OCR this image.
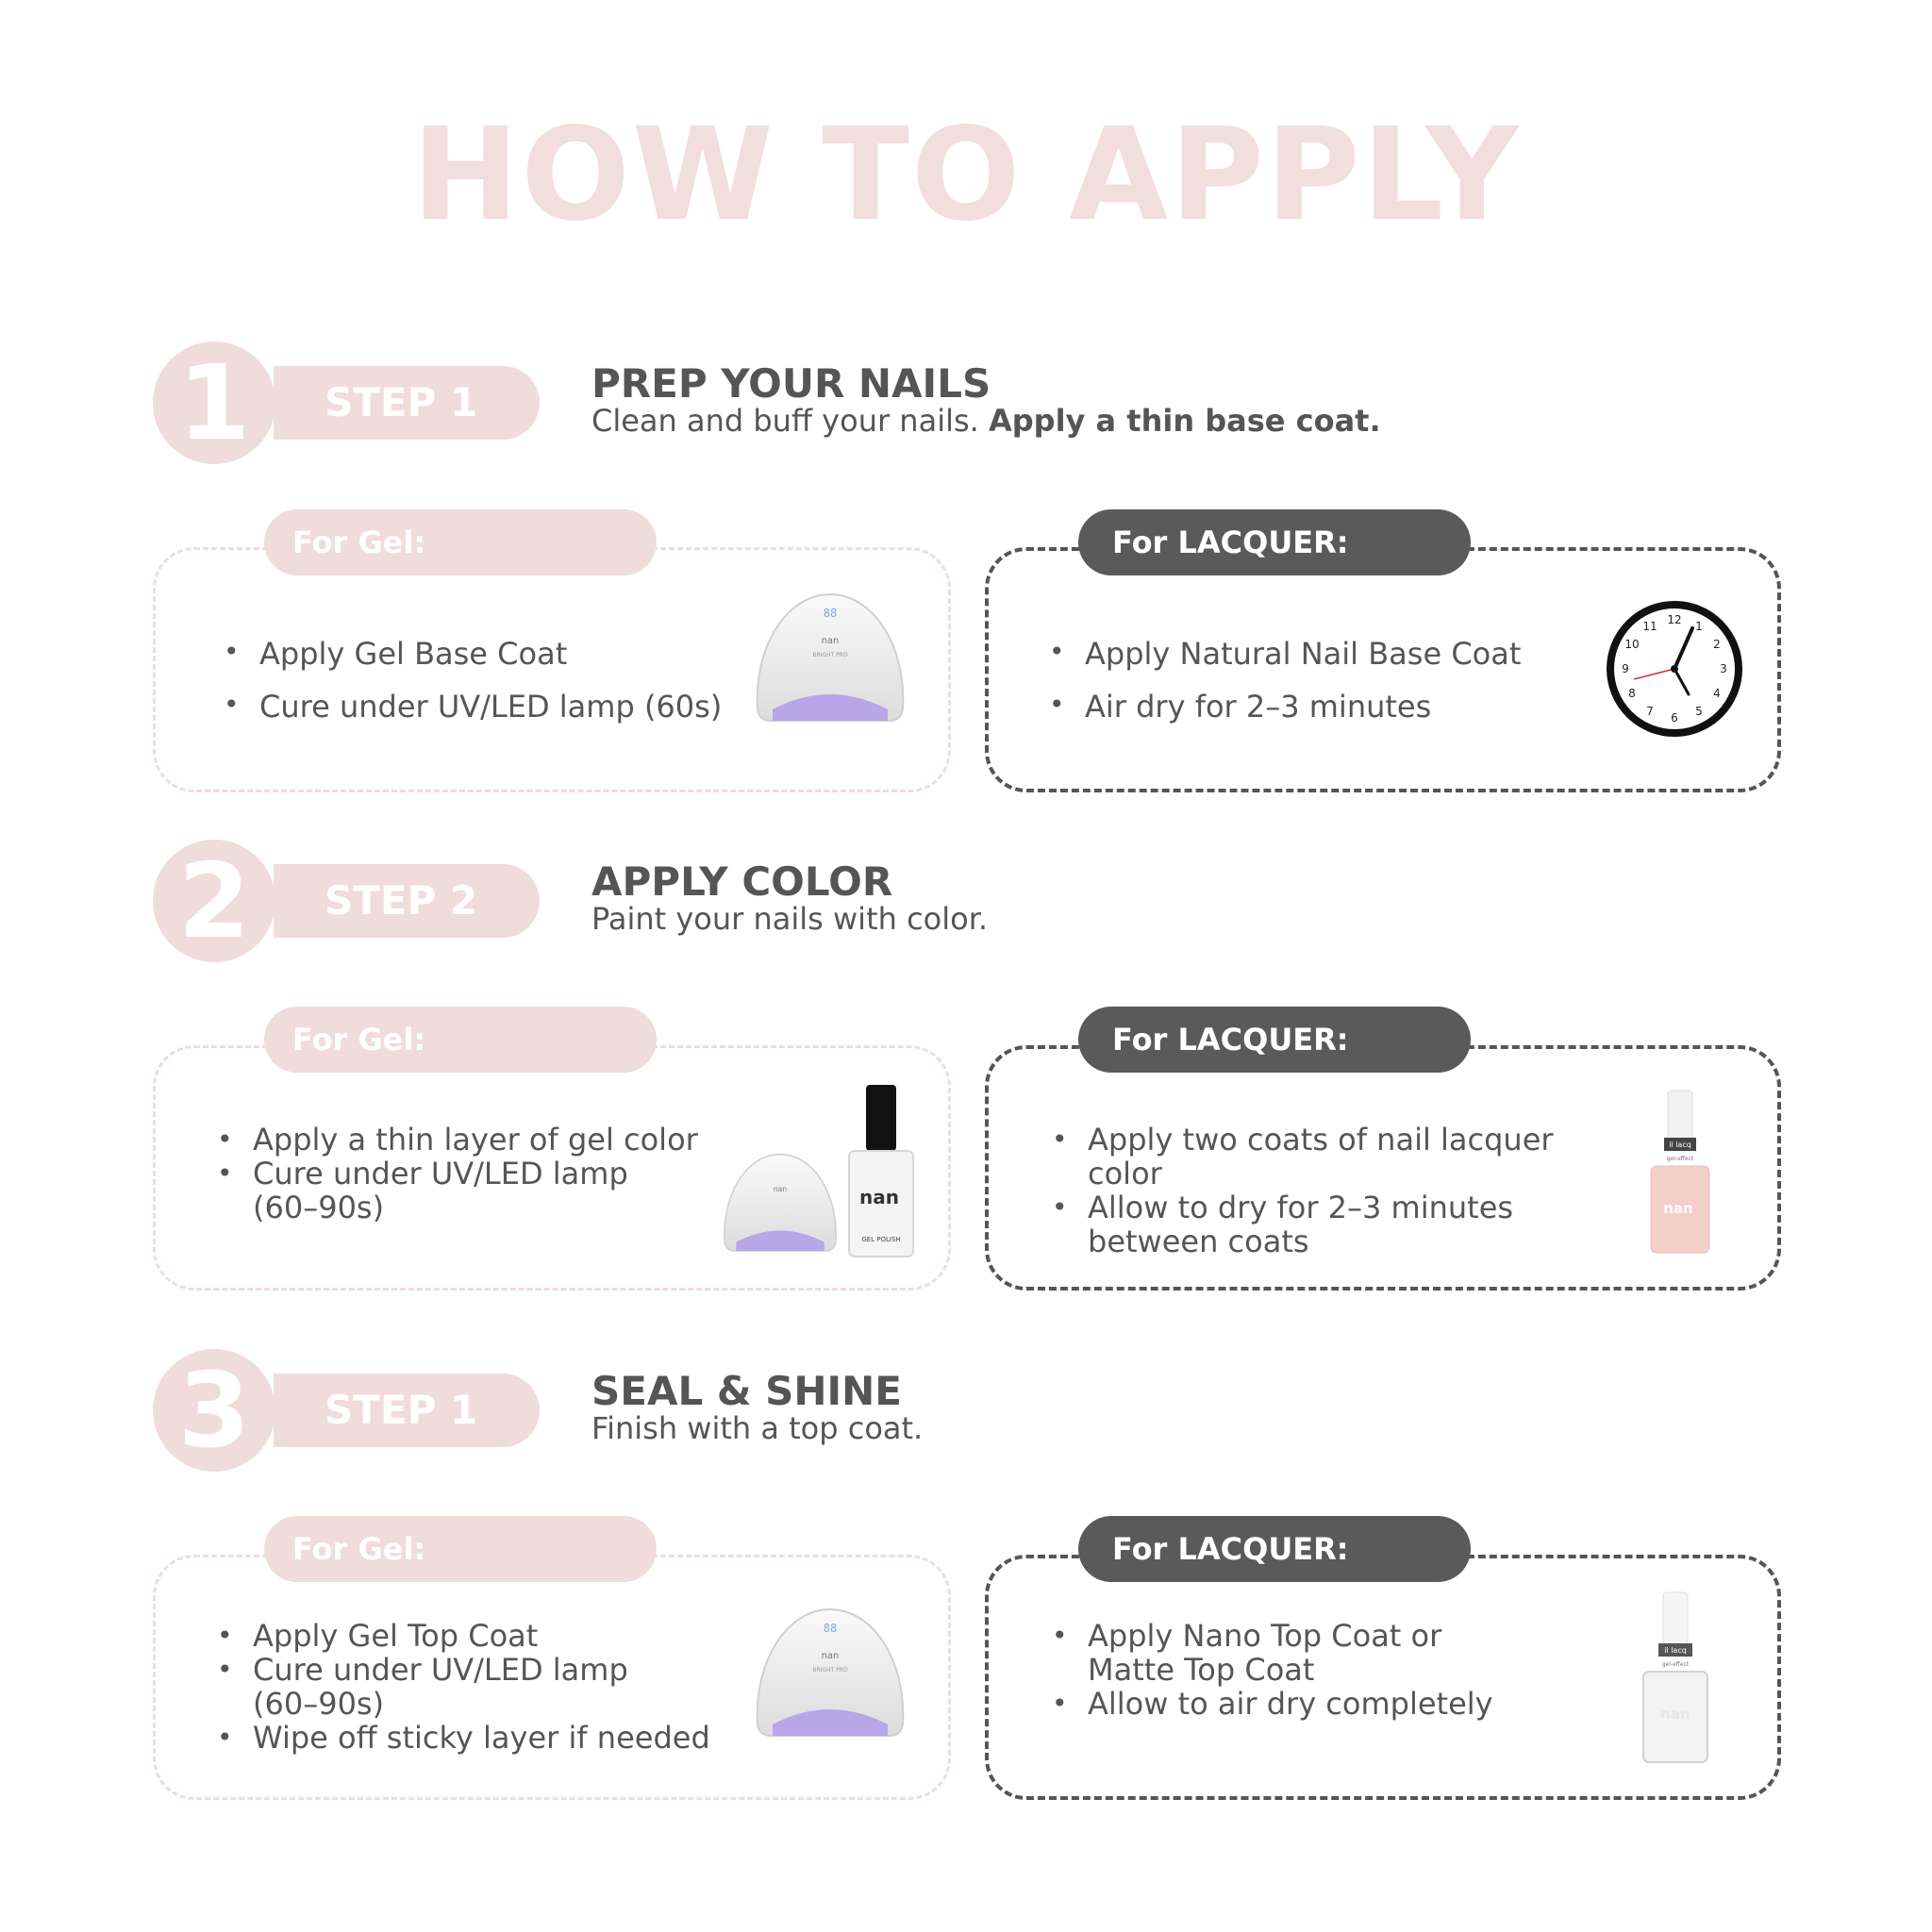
HOW TO APPLY
1	STEP 1	PREP YOUR NAILS
Clean and buff your nails. Apply a thin base coat.
For Gel:
• Apply Gel Base Coat
• Cure under UV/LED lamp (60s)
88
nan
BRIGHT PRO
For LACQUER:
• Apply Natural Nail Base Coat
• Air dry for 2–3 minutes
12 1
2
3
4
5
6
7
8
9
10
11
2	STEP 2	APPLY COLOR
Paint your nails with color.
For Gel:
• Apply a thin layer of gel color
• Cure under UV/LED lamp (60–90s)
nan	nan
GEL POLISH
For LACQUER:
• Apply two coats of nail lacquer color
• Allow to dry for 2–3 minutes between coats
il lacq
gel-effect
nan
3	STEP 1	SEAL & SHINE
Finish with a top coat.
For Gel:
• Apply Gel Top Coat
• Cure under UV/LED lamp (60–90s)
• Wipe off sticky layer if needed
88
nan
BRIGHT PRO
For LACQUER:
• Apply Nano Top Coat or Matte Top Coat
• Allow to air dry completely
il lacq
gel-effect
nan
